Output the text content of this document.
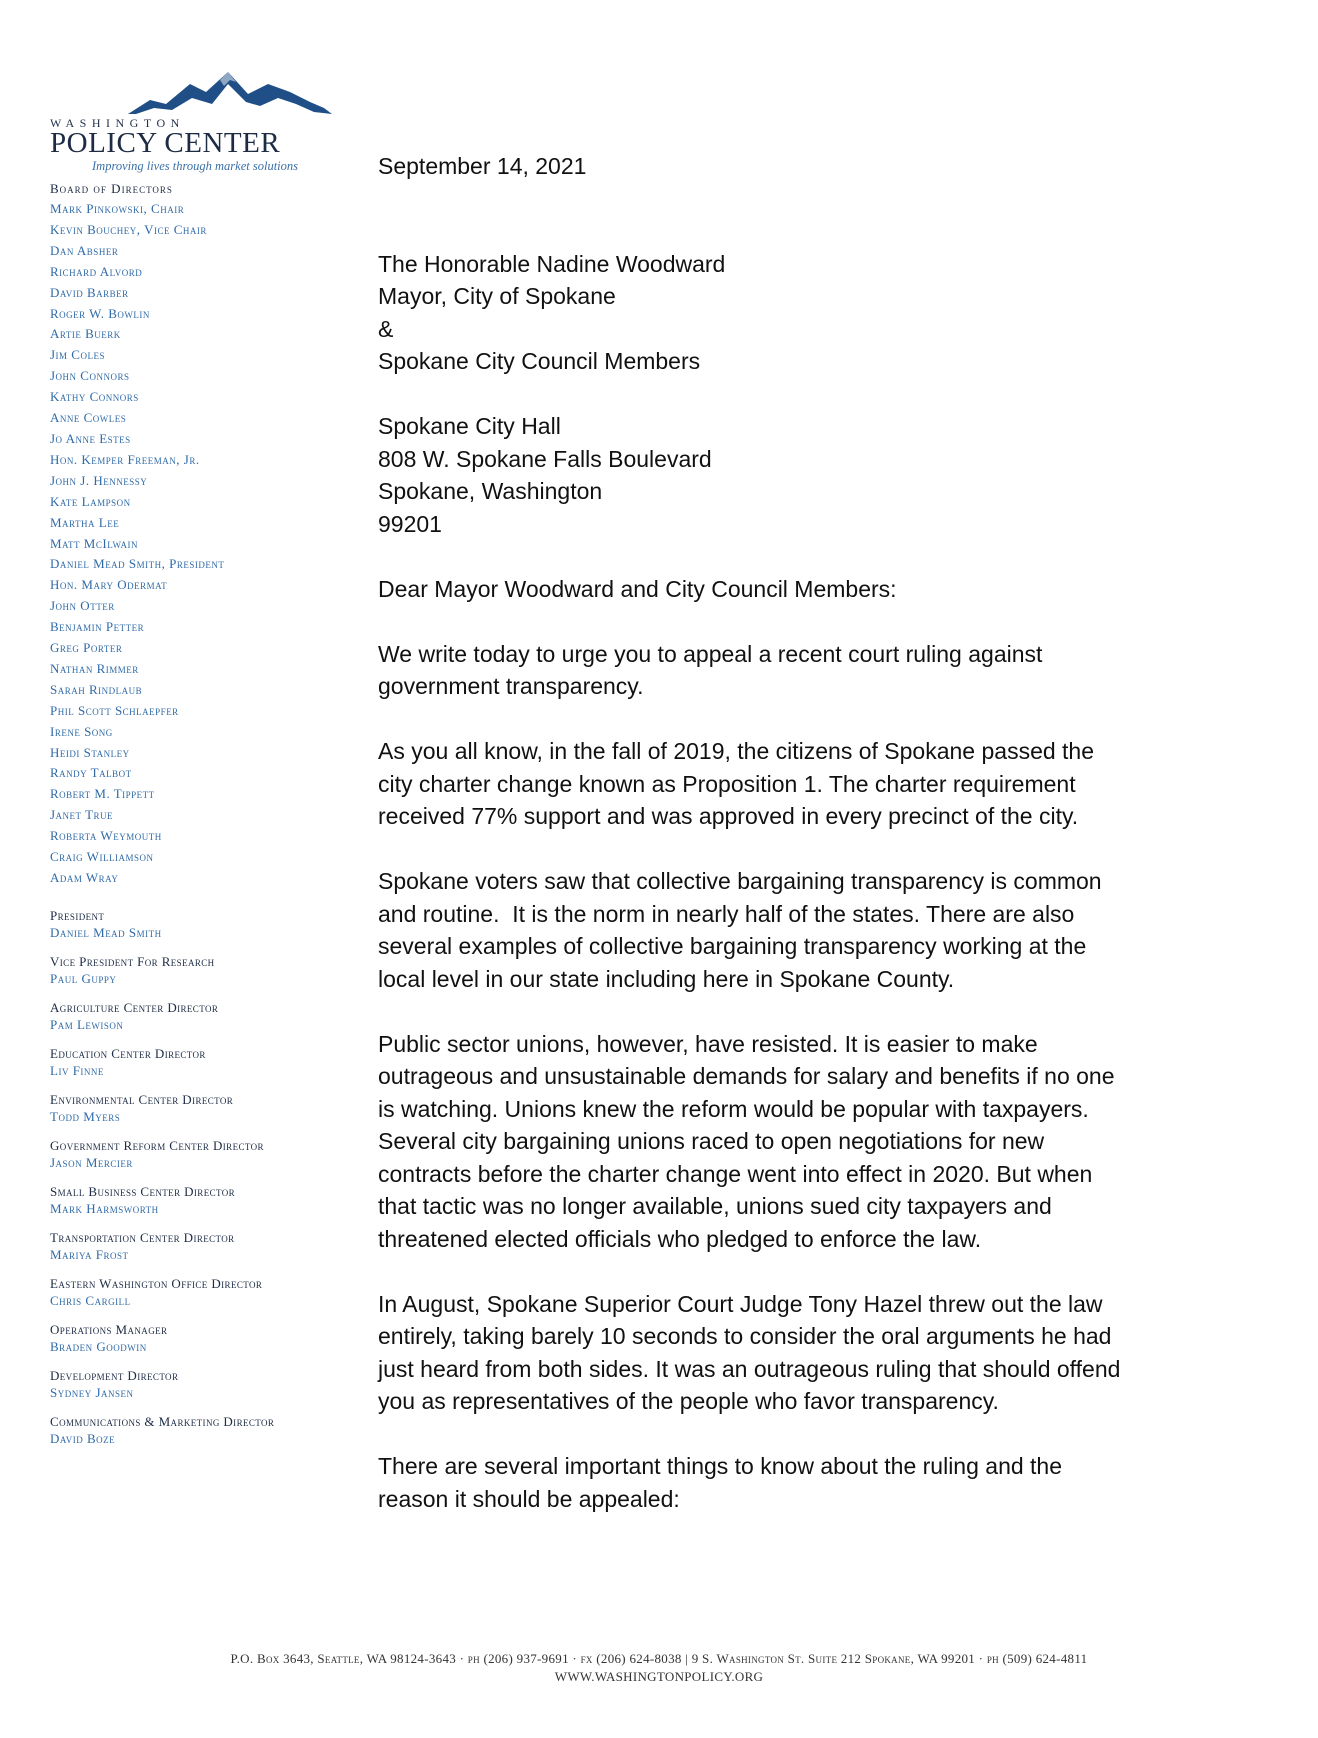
WASHINGTON
POLICY CENTER
Improving lives through market solutions
Board of Directors
Mark Pinkowski, Chair
Kevin Bouchey, Vice Chair
Dan Absher
Richard Alvord
David Barber
Roger W. Bowlin
Artie Buerk
Jim Coles
John Connors
Kathy Connors
Anne Cowles
Jo Anne Estes
Hon. Kemper Freeman, Jr.
John J. Hennessy
Kate Lampson
Martha Lee
Matt McIlwain
Daniel Mead Smith, President
Hon. Mary Odermat
John Otter
Benjamin Petter
Greg Porter
Nathan Rimmer
Sarah Rindlaub
Phil Scott Schlaepfer
Irene Song
Heidi Stanley
Randy Talbot
Robert M. Tippett
Janet True
Roberta Weymouth
Craig Williamson
Adam Wray
President
Daniel Mead Smith
Vice President For Research
Paul Guppy
Agriculture Center Director
Pam Lewison
Education Center Director
Liv Finne
Environmental Center Director
Todd Myers
Government Reform Center Director
Jason Mercier
Small Business Center Director
Mark Harmsworth
Transportation Center Director
Mariya Frost
Eastern Washington Office Director
Chris Cargill
Operations Manager
Braden Goodwin
Development Director
Sydney Jansen
Communications & Marketing Director
David Boze

September 14, 2021

The Honorable Nadine Woodward

Mayor, City of Spokane

&

Spokane City Council Members

Spokane City Hall

808 W. Spokane Falls Boulevard

Spokane, Washington

99201

Dear Mayor Woodward and City Council Members:

We write today to urge you to appeal a recent court ruling against

government transparency.

As you all know, in the fall of 2019, the citizens of Spokane passed the

city charter change known as Proposition 1. The charter requirement

received 77% support and was approved in every precinct of the city.

Spokane voters saw that collective bargaining transparency is common

and routine.  It is the norm in nearly half of the states. There are also

several examples of collective bargaining transparency working at the

local level in our state including here in Spokane County.

Public sector unions, however, have resisted. It is easier to make

outrageous and unsustainable demands for salary and benefits if no one

is watching. Unions knew the reform would be popular with taxpayers.

Several city bargaining unions raced to open negotiations for new

contracts before the charter change went into effect in 2020. But when

that tactic was no longer available, unions sued city taxpayers and

threatened elected officials who pledged to enforce the law.

In August, Spokane Superior Court Judge Tony Hazel threw out the law

entirely, taking barely 10 seconds to consider the oral arguments he had

just heard from both sides. It was an outrageous ruling that should offend

you as representatives of the people who favor transparency.

There are several important things to know about the ruling and the

reason it should be appealed:

P.O. Box 3643, Seattle, WA 98124-3643 · ph (206) 937-9691 · fx (206) 624-8038 | 9 S. Washington St. Suite 212 Spokane, WA 99201 · ph (509) 624-4811
WWW.WASHINGTONPOLICY.ORG
